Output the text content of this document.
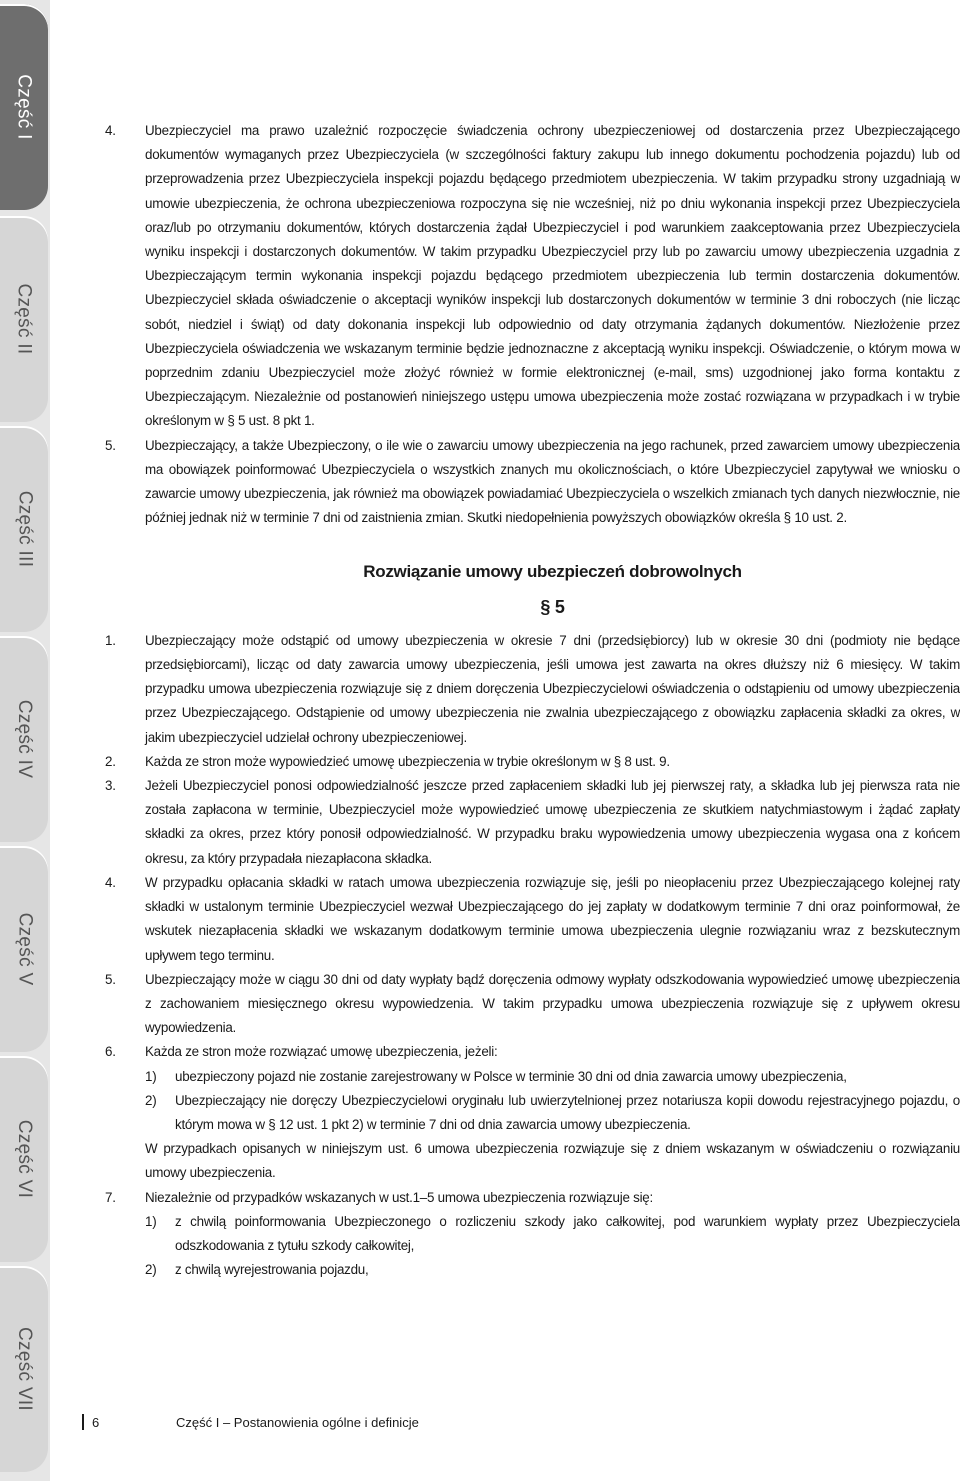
Część I
Część II
Część III
Część IV
Część V
Część VI
Część VII
4.	Ubezpieczyciel ma prawo uzależnić rozpoczęcie świadczenia ochrony ubezpieczeniowej od dostarczenia przez Ubezpieczającego dokumentów wymaganych przez Ubezpieczyciela (w szczególności faktury zakupu lub innego dokumentu pochodzenia pojazdu) lub od przeprowadzenia przez Ubezpieczyciela inspekcji pojazdu będącego przedmiotem ubezpieczenia. W takim przypadku strony uzgadniają w umowie ubezpieczenia, że ochrona ubezpieczeniowa rozpoczyna się nie wcześniej, niż po dniu wykonania inspekcji przez Ubezpieczyciela oraz/lub po otrzymaniu dokumentów, których dostarczenia żądał Ubezpieczyciel i pod warunkiem zaakceptowania przez Ubezpieczyciela wyniku inspekcji i dostarczonych dokumentów. W takim przypadku Ubezpieczyciel przy lub po zawarciu umowy ubezpieczenia uzgadnia z Ubezpieczającym termin wykonania inspekcji pojazdu będącego przedmiotem ubezpieczenia lub termin dostarczenia dokumentów. Ubezpieczyciel składa oświadczenie o akceptacji wyników inspekcji lub dostarczonych dokumentów w terminie 3 dni roboczych (nie licząc sobót, niedziel i świąt) od daty dokonania inspekcji lub odpowiednio od daty otrzymania żądanych dokumentów. Niezłożenie przez Ubezpieczyciela oświadczenia we wskazanym terminie będzie jednoznaczne z akceptacją wyniku inspekcji. Oświadczenie, o którym mowa w poprzednim zdaniu Ubezpieczyciel może złożyć również w formie elektronicznej (e-mail, sms) uzgodnionej jako forma kontaktu z Ubezpieczającym. Niezależnie od postanowień niniejszego ustępu umowa ubezpieczenia może zostać rozwiązana w przypadkach i w trybie określonym w § 5 ust. 8 pkt 1.

5.	Ubezpieczający, a także Ubezpieczony, o ile wie o zawarciu umowy ubezpieczenia na jego rachunek, przed zawarciem umowy ubezpieczenia ma obowiązek poinformować Ubezpieczyciela o wszystkich znanych mu okolicznościach, o które Ubezpieczyciel zapytywał we wniosku o zawarcie umowy ubezpieczenia, jak również ma obowiązek powiadamiać Ubezpieczyciela o wszelkich zmianach tych danych niezwłocznie, nie później jednak niż w terminie 7 dni od zaistnienia zmian. Skutki niedopełnienia powyższych obowiązków określa § 10 ust. 2.

Rozwiązanie umowy ubezpieczeń dobrowolnych
§ 5
1.	Ubezpieczający może odstąpić od umowy ubezpieczenia w okresie 7 dni (przedsiębiorcy) lub w okresie 30 dni (podmioty nie będące przedsiębiorcami), licząc od daty zawarcia umowy ubezpieczenia, jeśli umowa jest zawarta na okres dłuższy niż 6 miesięcy. W takim przypadku umowa ubezpieczenia rozwiązuje się z dniem doręczenia Ubezpieczycielowi oświadczenia o odstąpieniu od umowy ubezpieczenia przez Ubezpieczającego. Odstąpienie od umowy ubezpieczenia nie zwalnia ubezpieczającego z obowiązku zapłacenia składki za okres, w jakim ubezpieczyciel udzielał ochrony ubezpieczeniowej.

2.	Każda ze stron może wypowiedzieć umowę ubezpieczenia w trybie określonym w § 8 ust. 9.

3.	Jeżeli Ubezpieczyciel ponosi odpowiedzialność jeszcze przed zapłaceniem składki lub jej pierwszej raty, a składka lub jej pierwsza rata nie została zapłacona w terminie, Ubezpieczyciel może wypowiedzieć umowę ubezpieczenia ze skutkiem natychmiastowym i żądać zapłaty składki za okres, przez który ponosił odpowiedzialność. W przypadku braku wypowiedzenia umowy ubezpieczenia wygasa ona z końcem okresu, za który przypadała niezapłacona składka.

4.	W przypadku opłacania składki w ratach umowa ubezpieczenia rozwiązuje się, jeśli po nieopłaceniu przez Ubezpieczającego kolejnej raty składki w ustalonym terminie Ubezpieczyciel wezwał Ubezpieczającego do jej zapłaty w dodatkowym terminie 7 dni oraz poinformował, że wskutek niezapłacenia składki we wskazanym dodatkowym terminie umowa ubezpieczenia ulegnie rozwiązaniu wraz z bezskutecznym upływem tego terminu.

5.	Ubezpieczający może w ciągu 30 dni od daty wypłaty bądź doręczenia odmowy wypłaty odszkodowania wypowiedzieć umowę ubezpieczenia z zachowaniem miesięcznego okresu wypowiedzenia. W takim przypadku umowa ubezpieczenia rozwiązuje się z upływem okresu wypowiedzenia.

6.	Każda ze stron może rozwiązać umowę ubezpieczenia, jeżeli:
1)	ubezpieczony pojazd nie zostanie zarejestrowany w Polsce w terminie 30 dni od dnia zawarcia umowy ubezpieczenia,
2)	Ubezpieczający nie doręczy Ubezpieczycielowi oryginału lub uwierzytelnionej przez notariusza kopii dowodu rejestracyjnego pojazdu, o którym mowa w § 12 ust. 1 pkt 2) w terminie 7 dni od dnia zawarcia umowy ubezpieczenia.
W przypadkach opisanych w niniejszym ust. 6 umowa ubezpieczenia rozwiązuje się z dniem wskazanym w oświadczeniu o rozwiązaniu umowy ubezpieczenia.
7.	Niezależnie od przypadków wskazanych w ust.1–5 umowa ubezpieczenia rozwiązuje się:
1)	z chwilą poinformowania Ubezpieczonego o rozliczeniu szkody jako całkowitej, pod warunkiem wypłaty przez Ubezpieczyciela odszkodowania z tytułu szkody całkowitej,
2)	z chwilą wyrejestrowania pojazdu,
6	Część I – Postanowienia ogólne i definicje
